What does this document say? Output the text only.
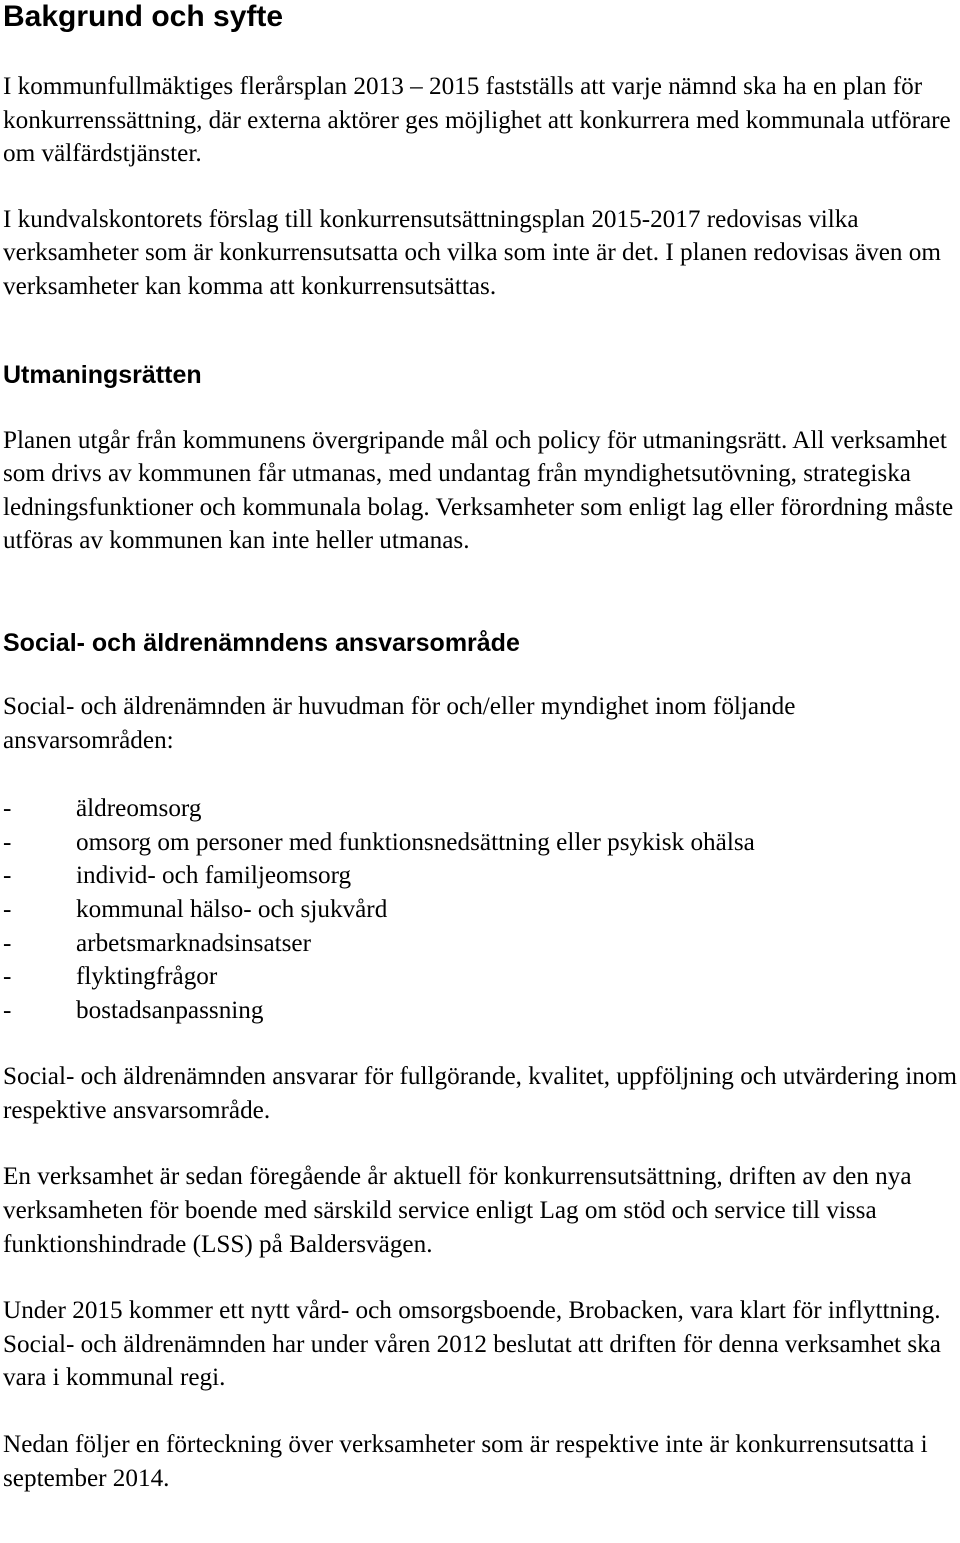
Bakgrund och syfte

I kommunfullmäktiges flerårsplan 2013 – 2015 fastställs att varje nämnd ska ha en plan för konkurrenssättning, där externa aktörer ges möjlighet att konkurrera med kommunala utförare om välfärdstjänster.

I kundvalskontorets förslag till konkurrensutsättningsplan 2015-2017 redovisas vilka verksamheter som är konkurrensutsatta och vilka som inte är det. I planen redovisas även om verksamheter kan komma att konkurrensutsättas.

Utmaningsrätten

Planen utgår från kommunens övergripande mål och policy för utmaningsrätt. All verksamhet som drivs av kommunen får utmanas, med undantag från myndighetsutövning, strategiska ledningsfunktioner och kommunala bolag. Verksamheter som enligt lag eller förordning måste utföras av kommunen kan inte heller utmanas.

Social- och äldrenämndens ansvarsområde

Social- och äldrenämnden är huvudman för och/eller myndighet inom följande ansvarsområden:

-	äldreomsorg
-	omsorg om personer med funktionsnedsättning eller psykisk ohälsa
-	individ- och familjeomsorg
-	kommunal hälso- och sjukvård
-	arbetsmarknadsinsatser
-	flyktingfrågor
-	bostadsanpassning

Social- och äldrenämnden ansvarar för fullgörande, kvalitet, uppföljning och utvärdering inom respektive ansvarsområde.

En verksamhet är sedan föregående år aktuell för konkurrensutsättning, driften av den nya verksamheten för boende med särskild service enligt Lag om stöd och service till vissa funktionshindrade (LSS) på Baldersvägen.

Under 2015 kommer ett nytt vård- och omsorgsboende, Brobacken, vara klart för inflyttning. Social- och äldrenämnden har under våren 2012 beslutat att driften för denna verksamhet ska vara i kommunal regi.

Nedan följer en förteckning över verksamheter som är respektive inte är konkurrensutsatta i september 2014.
